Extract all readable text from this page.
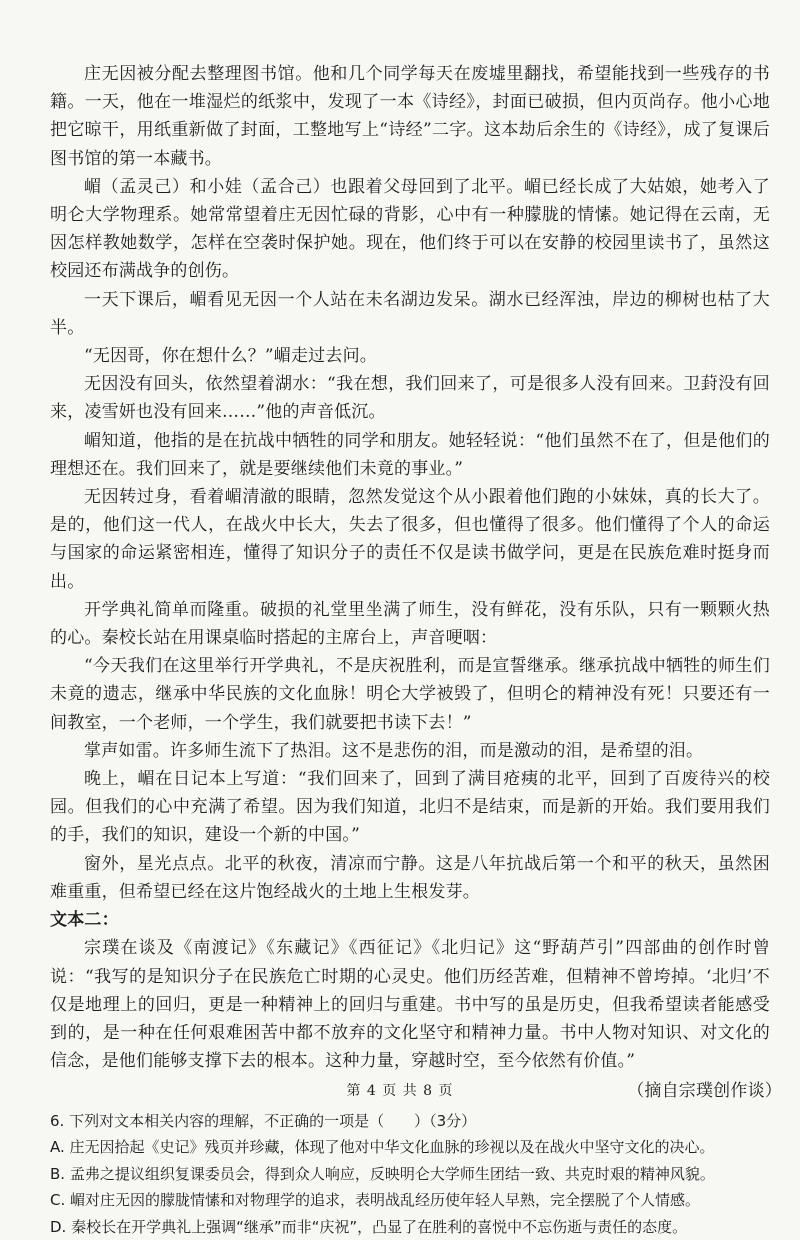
庄无因被分配去整理图书馆。他和几个同学每天在废墟里翻找，希望能找到一些残存的书籍。一天，他在一堆湿烂的纸浆中，发现了一本《诗经》，封面已破损，但内页尚存。他小心地把它晾干，用纸重新做了封面，工整地写上“诗经”二字。这本劫后余生的《诗经》，成了复课后图书馆的第一本藏书。

嵋（孟灵己）和小娃（孟合己）也跟着父母回到了北平。嵋已经长成了大姑娘，她考入了明仑大学物理系。她常常望着庄无因忙碌的背影，心中有一种朦胧的情愫。她记得在云南，无因怎样教她数学，怎样在空袭时保护她。现在，他们终于可以在安静的校园里读书了，虽然这校园还布满战争的创伤。

一天下课后，嵋看见无因一个人站在未名湖边发呆。湖水已经浑浊，岸边的柳树也枯了大半。

“无因哥，你在想什么？”嵋走过去问。

无因没有回头，依然望着湖水：“我在想，我们回来了，可是很多人没有回来。卫葑没有回来，凌雪妍也没有回来……”他的声音低沉。

嵋知道，他指的是在抗战中牺牲的同学和朋友。她轻轻说：“他们虽然不在了，但是他们的理想还在。我们回来了，就是要继续他们未竟的事业。”

无因转过身，看着嵋清澈的眼睛，忽然发觉这个从小跟着他们跑的小妹妹，真的长大了。是的，他们这一代人，在战火中长大，失去了很多，但也懂得了很多。他们懂得了个人的命运与国家的命运紧密相连，懂得了知识分子的责任不仅是读书做学问，更是在民族危难时挺身而出。

开学典礼简单而隆重。破损的礼堂里坐满了师生，没有鲜花，没有乐队，只有一颗颗火热的心。秦校长站在用课桌临时搭起的主席台上，声音哽咽：

“今天我们在这里举行开学典礼，不是庆祝胜利，而是宣誓继承。继承抗战中牺牲的师生们未竟的遗志，继承中华民族的文化血脉！明仑大学被毁了，但明仑的精神没有死！只要还有一间教室，一个老师，一个学生，我们就要把书读下去！”

掌声如雷。许多师生流下了热泪。这不是悲伤的泪，而是激动的泪，是希望的泪。

晚上，嵋在日记本上写道：“我们回来了，回到了满目疮痍的北平，回到了百废待兴的校园。但我们的心中充满了希望。因为我们知道，北归不是结束，而是新的开始。我们要用我们的手，我们的知识，建设一个新的中国。”

窗外，星光点点。北平的秋夜，清凉而宁静。这是八年抗战后第一个和平的秋天，虽然困难重重，但希望已经在这片饱经战火的土地上生根发芽。

文本二：

宗璞在谈及《南渡记》《东藏记》《西征记》《北归记》这“野葫芦引”四部曲的创作时曾说：“我写的是知识分子在民族危亡时期的心灵史。他们历经苦难，但精神不曾垮掉。‘北归’不仅是地理上的回归，更是一种精神上的回归与重建。书中写的虽是历史，但我希望读者能感受到的，是一种在任何艰难困苦中都不放弃的文化坚守和精神力量。书中人物对知识、对文化的信念，是他们能够支撑下去的根本。这种力量，穿越时空，至今依然有价值。”

（摘自宗璞创作谈）

6. 下列对文本相关内容的理解，不正确的一项是（　　）（3分）
A. 庄无因拾起《史记》残页并珍藏，体现了他对中华文化血脉的珍视以及在战火中坚守文化的决心。
B. 孟弗之提议组织复课委员会，得到众人响应，反映明仑大学师生团结一致、共克时艰的精神风貌。
C. 嵋对庄无因的朦胧情愫和对物理学的追求，表明战乱经历使年轻人早熟，完全摆脱了个人情感。
D. 秦校长在开学典礼上强调“继承”而非“庆祝”，凸显了在胜利的喜悦中不忘伤逝与责任的态度。
第 4 页 共 8 页
